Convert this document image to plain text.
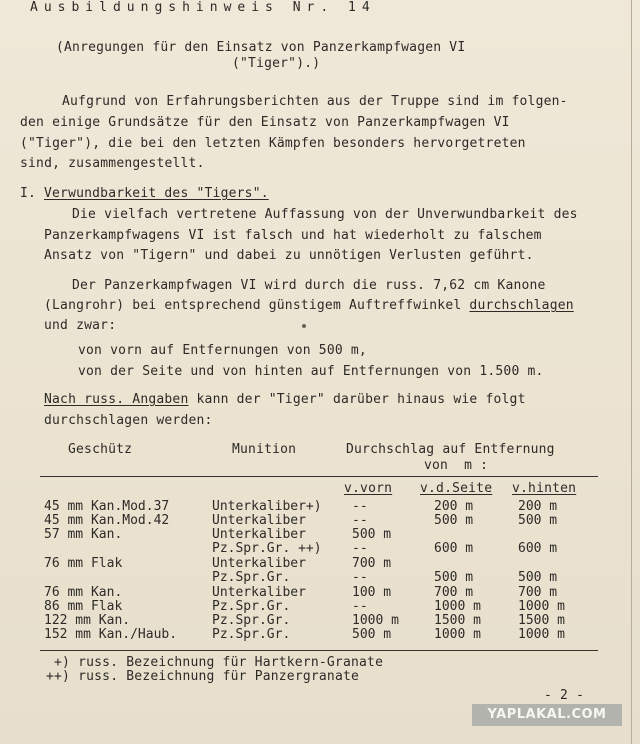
Ausbildungshinweis Nr. 14
(Anregungen für den Einsatz von Panzerkampfwagen VI
("Tiger").)
Aufgrund von Erfahrungsberichten aus der Truppe sind im folgen-
den einige Grundsätze für den Einsatz von Panzerkampfwagen VI
("Tiger"), die bei den letzten Kämpfen besonders hervorgetreten
sind, zusammengestellt.
I. Verwundbarkeit des "Tigers".
Die vielfach vertretene Auffassung von der Unverwundbarkeit des
Panzerkampfwagens VI ist falsch und hat wiederholt zu falschem
Ansatz von "Tigern" und dabei zu unnötigen Verlusten geführt.
Der Panzerkampfwagen VI wird durch die russ. 7,62 cm Kanone
(Langrohr) bei entsprechend günstigem Auftreffwinkel durchschlagen
und zwar:
von vorn auf Entfernungen von 500 m,
von der Seite und von hinten auf Entfernungen von 1.500 m.
Nach russ. Angaben kann der "Tiger" darüber hinaus wie folgt
durchschlagen werden:
Geschütz	Munition	Durchschlag auf Entfernung
von  m :
v.vorn v.d.Seite v.hinten
45 mm Kan.Mod.37	Unterkaliber+) --	200 m	200 m
45 mm Kan.Mod.42	Unterkaliber	--	500 m	500 m
57 mm Kan.	Unterkaliber	500 m
Pz.Spr.Gr. ++) --	600 m	600 m
76 mm Flak	Unterkaliber	700 m
Pz.Spr.Gr.	--	500 m	500 m
76 mm Kan.	Unterkaliber	100 m	700 m	700 m
86 mm Flak	Pz.Spr.Gr.	--	1000 m	1000 m
122 mm Kan.	Pz.Spr.Gr.	1000 m	1500 m	1500 m
152 mm Kan./Haub.	Pz.Spr.Gr.	500 m	1000 m	1000 m
+) russ. Bezeichnung für Hartkern-Granate
++) russ. Bezeichnung für Panzergranate
- 2 -
YAPLAKAL.COM
